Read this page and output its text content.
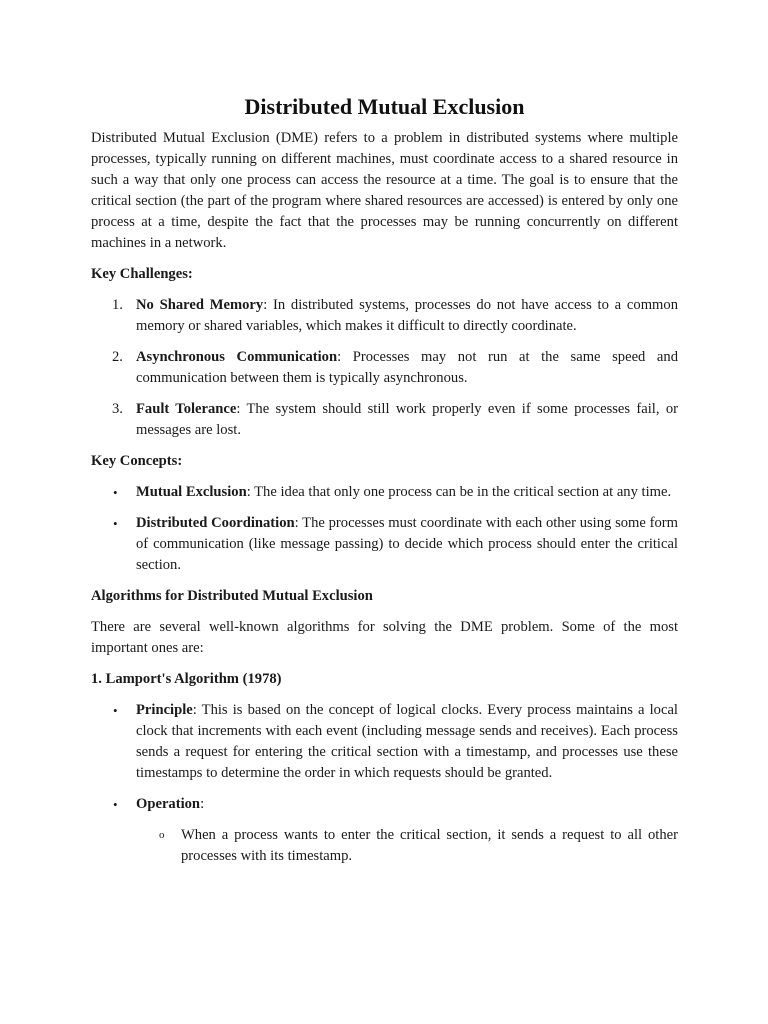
Distributed Mutual Exclusion

Distributed Mutual Exclusion (DME) refers to a problem in distributed systems where multiple processes, typically running on different machines, must coordinate access to a shared resource in such a way that only one process can access the resource at a time. The goal is to ensure that the critical section (the part of the program where shared resources are accessed) is entered by only one process at a time, despite the fact that the processes may be running concurrently on different machines in a network.

Key Challenges:
1. No Shared Memory: In distributed systems, processes do not have access to a common memory or shared variables, which makes it difficult to directly coordinate.
2. Asynchronous Communication: Processes may not run at the same speed and communication between them is typically asynchronous.
3. Fault Tolerance: The system should still work properly even if some processes fail, or messages are lost.
Key Concepts:
• Mutual Exclusion: The idea that only one process can be in the critical section at any time.
• Distributed Coordination: The processes must coordinate with each other using some form of communication (like message passing) to decide which process should enter the critical section.
Algorithms for Distributed Mutual Exclusion

There are several well-known algorithms for solving the DME problem. Some of the most important ones are:

1. Lamport's Algorithm (1978)
• Principle: This is based on the concept of logical clocks. Every process maintains a local clock that increments with each event (including message sends and receives). Each process sends a request for entering the critical section with a timestamp, and processes use these timestamps to determine the order in which requests should be granted.
• Operation:
o When a process wants to enter the critical section, it sends a request to all other processes with its timestamp.
